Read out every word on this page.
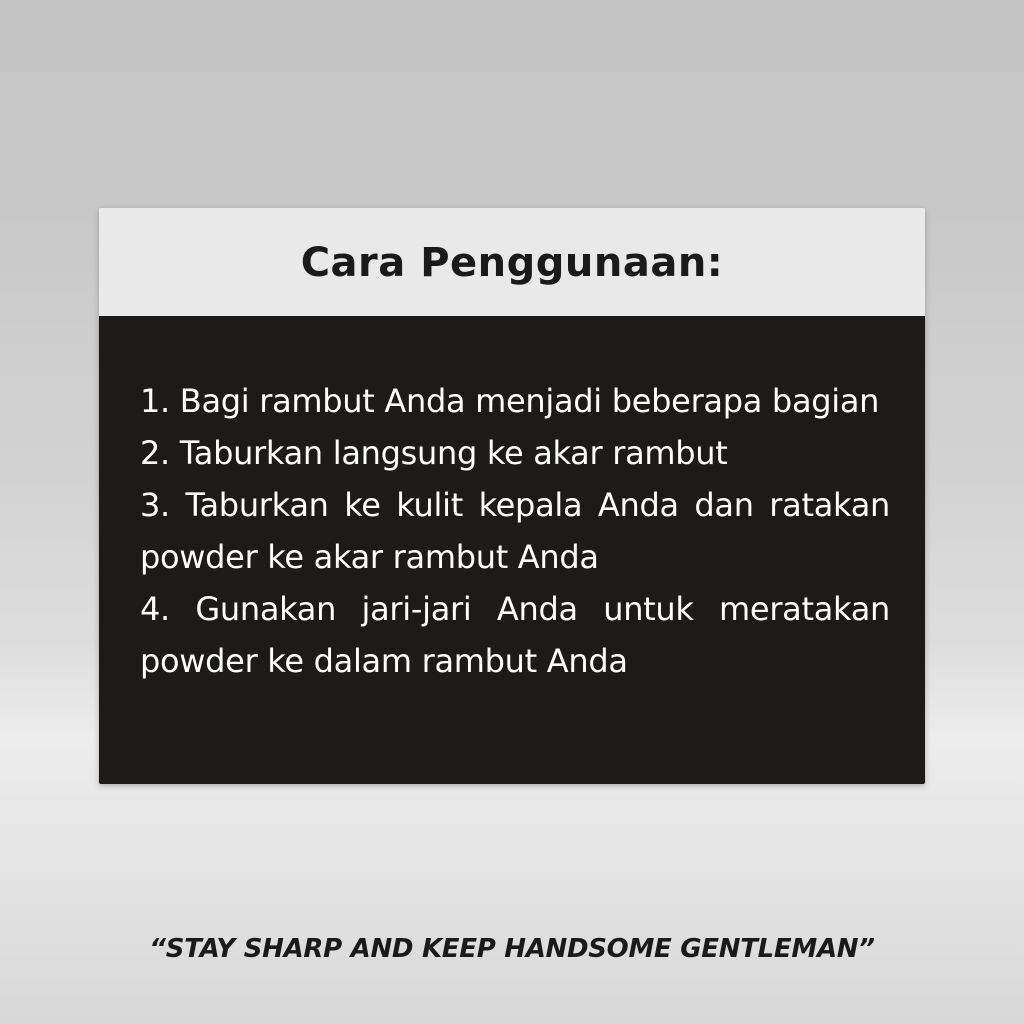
Cara Penggunaan:
1. Bagi rambut Anda menjadi beberapa bagian
2. Taburkan langsung ke akar rambut
3. Taburkan ke kulit kepala Anda dan ratakan powder ke akar rambut Anda
4. Gunakan jari-jari Anda untuk meratakan powder ke dalam rambut Anda
“STAY SHARP AND KEEP HANDSOME GENTLEMAN”
